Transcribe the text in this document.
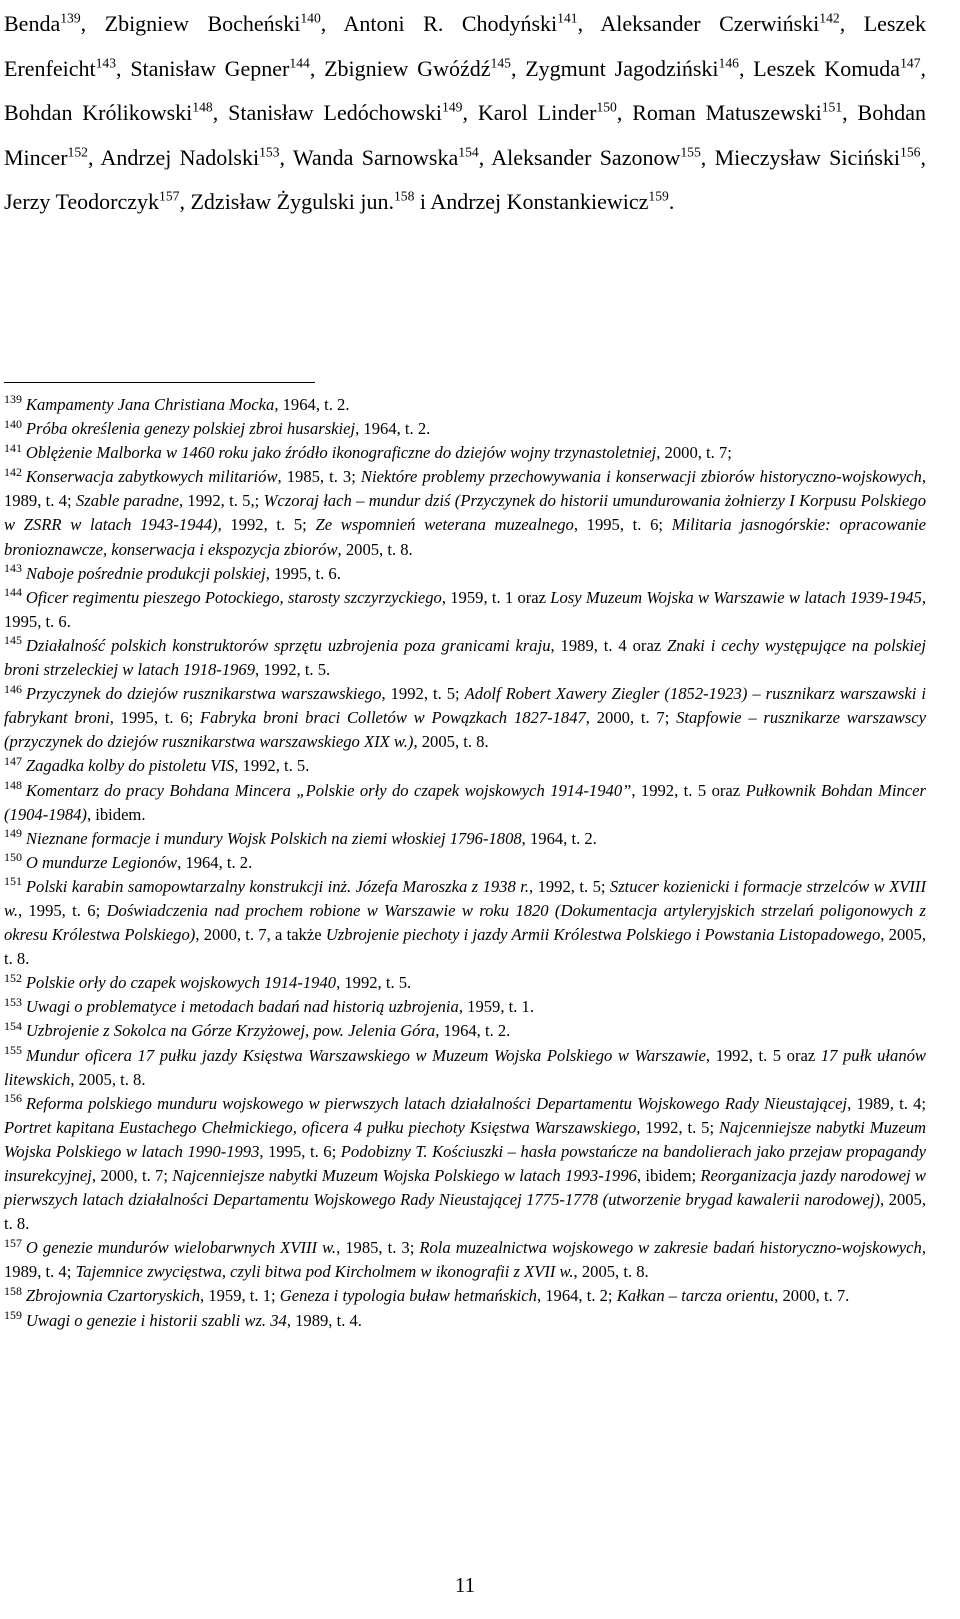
Benda$^{139}$, Zbigniew Bocheński$^{140}$, Antoni R. Chodyński$^{141}$, Aleksander Czerwiński$^{142}$, Leszek Erenfeicht$^{143}$, Stanisław Gepner$^{144}$, Zbigniew Gwóźdź$^{145}$, Zygmunt Jagodziński$^{146}$, Leszek Komuda$^{147}$, Bohdan Królikowski$^{148}$, Stanisław Ledóchowski$^{149}$, Karol Linder$^{150}$, Roman Matuszewski$^{151}$, Bohdan Mincer$^{152}$, Andrzej Nadolski$^{153}$, Wanda Sarnowska$^{154}$, Aleksander Sazonow$^{155}$, Mieczysław Siciński$^{156}$, Jerzy Teodorczyk$^{157}$, Zdzisław Żygulski jun.$^{158}$ i Andrzej Konstankiewicz$^{159}$.

$^{139}$ Kampamenty Jana Christiana Mocka, 1964, t. 2.

$^{140}$ Próba określenia genezy polskiej zbroi husarskiej, 1964, t. 2.

$^{141}$ Oblężenie Malborka w 1460 roku jako źródło ikonograficzne do dziejów wojny trzynastoletniej, 2000, t. 7;

$^{142}$ Konserwacja zabytkowych militariów, 1985, t. 3; Niektóre problemy przechowywania i konserwacji zbiorów historyczno-wojskowych, 1989, t. 4; Szable paradne, 1992, t. 5,; Wczoraj łach – mundur dziś (Przyczynek do historii umundurowania żołnierzy I Korpusu Polskiego w ZSRR w latach 1943-1944), 1992, t. 5; Ze wspomnień weterana muzealnego, 1995, t. 6; Militaria jasnogórskie: opracowanie bronioznawcze, konserwacja i ekspozycja zbiorów, 2005, t. 8.

$^{143}$ Naboje pośrednie produkcji polskiej, 1995, t. 6.

$^{144}$ Oficer regimentu pieszego Potockiego, starosty szczyrzyckiego, 1959, t. 1 oraz Losy Muzeum Wojska w Warszawie w latach 1939-1945, 1995, t. 6.

$^{145}$ Działalność polskich konstruktorów sprzętu uzbrojenia poza granicami kraju, 1989, t. 4 oraz Znaki i cechy występujące na polskiej broni strzeleckiej w latach 1918-1969, 1992, t. 5.

$^{146}$ Przyczynek do dziejów rusznikarstwa warszawskiego, 1992, t. 5; Adolf Robert Xawery Ziegler (1852-1923) – rusznikarz warszawski i fabrykant broni, 1995, t. 6; Fabryka broni braci Colletów w Powązkach 1827-1847, 2000, t. 7; Stapfowie – rusznikarze warszawscy (przyczynek do dziejów rusznikarstwa warszawskiego XIX w.), 2005, t. 8.

$^{147}$ Zagadka kolby do pistoletu VIS, 1992, t. 5.

$^{148}$ Komentarz do pracy Bohdana Mincera „Polskie orły do czapek wojskowych 1914-1940”, 1992, t. 5 oraz Pułkownik Bohdan Mincer (1904-1984), ibidem.

$^{149}$ Nieznane formacje i mundury Wojsk Polskich na ziemi włoskiej 1796-1808, 1964, t. 2.

$^{150}$ O mundurze Legionów, 1964, t. 2.

$^{151}$ Polski karabin samopowtarzalny konstrukcji inż. Józefa Maroszka z 1938 r., 1992, t. 5; Sztucer kozienicki i formacje strzelców w XVIII w., 1995, t. 6; Doświadczenia nad prochem robione w Warszawie w roku 1820 (Dokumentacja artyleryjskich strzelań poligonowych z okresu Królestwa Polskiego), 2000, t. 7, a także Uzbrojenie piechoty i jazdy Armii Królestwa Polskiego i Powstania Listopadowego, 2005, t. 8.

$^{152}$ Polskie orły do czapek wojskowych 1914-1940, 1992, t. 5.

$^{153}$ Uwagi o problematyce i metodach badań nad historią uzbrojenia, 1959, t. 1.

$^{154}$ Uzbrojenie z Sokolca na Górze Krzyżowej, pow. Jelenia Góra, 1964, t. 2.

$^{155}$ Mundur oficera 17 pułku jazdy Księstwa Warszawskiego w Muzeum Wojska Polskiego w Warszawie, 1992, t. 5 oraz 17 pułk ułanów litewskich, 2005, t. 8.

$^{156}$ Reforma polskiego munduru wojskowego w pierwszych latach działalności Departamentu Wojskowego Rady Nieustającej, 1989, t. 4; Portret kapitana Eustachego Chełmickiego, oficera 4 pułku piechoty Księstwa Warszawskiego, 1992, t. 5; Najcenniejsze nabytki Muzeum Wojska Polskiego w latach 1990-1993, 1995, t. 6; Podobizny T. Kościuszki – hasła powstańcze na bandolierach jako przejaw propagandy insurekcyjnej, 2000, t. 7; Najcenniejsze nabytki Muzeum Wojska Polskiego w latach 1993-1996, ibidem; Reorganizacja jazdy narodowej w pierwszych latach działalności Departamentu Wojskowego Rady Nieustającej 1775-1778 (utworzenie brygad kawalerii narodowej), 2005, t. 8.

$^{157}$ O genezie mundurów wielobarwnych XVIII w., 1985, t. 3; Rola muzealnictwa wojskowego w zakresie badań historyczno-wojskowych, 1989, t. 4; Tajemnice zwycięstwa, czyli bitwa pod Kircholmem w ikonografii z XVII w., 2005, t. 8.

$^{158}$ Zbrojownia Czartoryskich, 1959, t. 1; Geneza i typologia buław hetmańskich, 1964, t. 2; Kałkan – tarcza orientu, 2000, t. 7.

$^{159}$ Uwagi o genezie i historii szabli wz. 34, 1989, t. 4.

11
